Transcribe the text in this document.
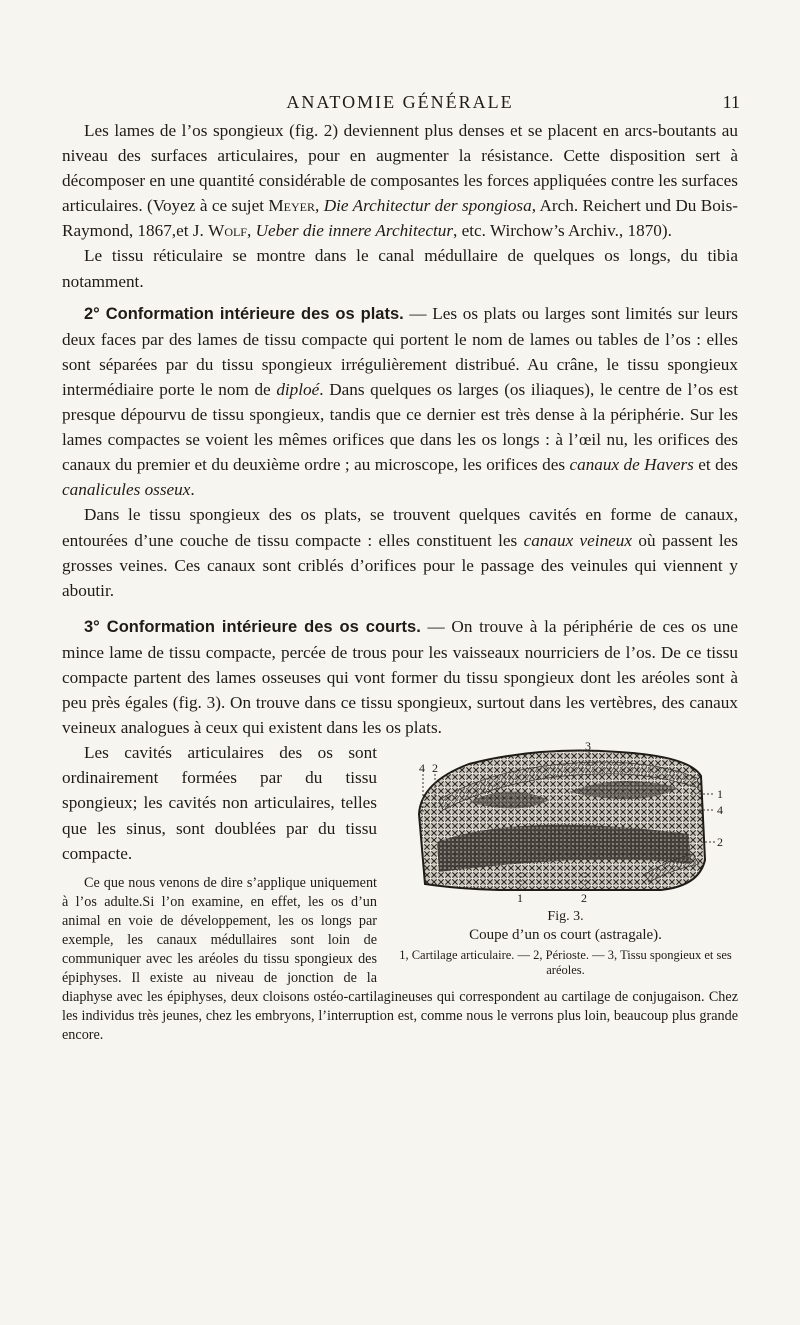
ANATOMIE GÉNÉRALE	11

Les lames de l’os spongieux (fig. 2) deviennent plus denses et se placent en arcs-boutants au niveau des surfaces articulaires, pour en augmenter la résistance. Cette disposition sert à décomposer en une quantité considérable de composantes les forces appliquées contre les surfaces articulaires. (Voyez à ce sujet Meyer, Die Architectur der spongiosa, Arch. Reichert und Du Bois-Raymond, 1867,et J. Wolf, Ueber die innere Architectur, etc. Wirchow’s Archiv., 1870).

Le tissu réticulaire se montre dans le canal médullaire de quelques os longs, du tibia notamment.

2° Conformation intérieure des os plats. — Les os plats ou larges sont limités sur leurs deux faces par des lames de tissu compacte qui portent le nom de lames ou tables de l’os : elles sont séparées par du tissu spongieux irrégulièrement distribué. Au crâne, le tissu spongieux intermédiaire porte le nom de diploé. Dans quelques os larges (os iliaques), le centre de l’os est presque dépourvu de tissu spongieux, tandis que ce dernier est très dense à la périphérie. Sur les lames compactes se voient les mêmes orifices que dans les os longs : à l’œil nu, les orifices des canaux du premier et du deuxième ordre ; au microscope, les orifices des canaux de Havers et des canalicules osseux.

Dans le tissu spongieux des os plats, se trouvent quelques cavités en forme de canaux, entourées d’une couche de tissu compacte : elles constituent les canaux veineux où passent les grosses veines. Ces canaux sont criblés d’orifices pour le passage des veinules qui viennent y aboutir.

3° Conformation intérieure des os courts. — On trouve à la périphérie de ces os une mince lame de tissu compacte, percée de trous pour les vaisseaux nourriciers de l’os. De ce tissu compacte partent des lames osseuses qui vont former du tissu spongieux dont les aréoles sont à peu près égales (fig. 3). On trouve dans ce tissu spongieux, surtout dans les vertèbres, des canaux veineux analogues à ceux qui existent dans les os plats.

3
4 2
1
4
2
1	2
Fig. 3.
Coupe d’un os court (astragale).
1, Cartilage articulaire. — 2, Périoste. — 3, Tissu spongieux et ses aréoles.

Les cavités articulaires des os sont ordinairement formées par du tissu spongieux; les cavités non articulaires, telles que les sinus, sont doublées par du tissu compacte.

Ce que nous venons de dire s’applique uniquement à l’os adulte.Si l’on examine, en effet, les os d’un animal en voie de développement, les os longs par exemple, les canaux médullaires sont loin de communiquer avec les aréoles du tissu spongieux des épiphyses. Il existe au niveau de jonction de la diaphyse avec les épiphyses, deux cloisons ostéo-cartilagineuses qui correspondent au cartilage de conjugaison. Chez les individus très jeunes, chez les embryons, l’interruption est, comme nous le verrons plus loin, beaucoup plus grande encore.
